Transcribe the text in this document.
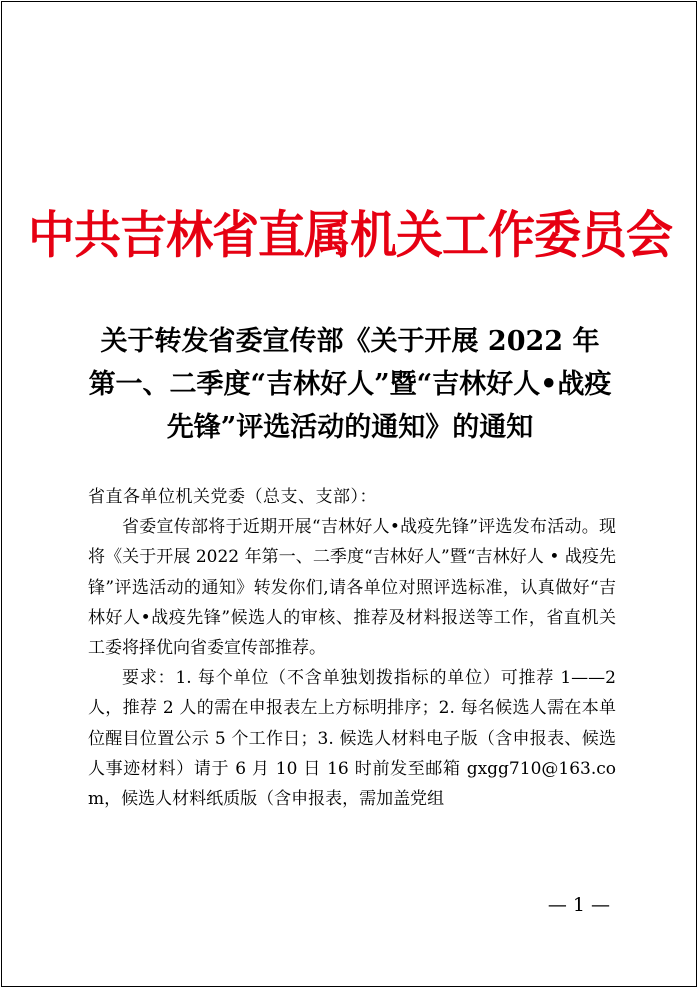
中共吉林省直属机关工作委员会
关于转发省委宣传部《关于开展 2022 年
第一、二季度“吉林好人”暨“吉林好人•战疫
先锋”评选活动的通知》的通知

省直各单位机关党委（总支、支部）：

省委宣传部将于近期开展“吉林好人•战疫先锋”评选发布活动。现将《关于开展 2022 年第一、二季度“吉林好人”暨“吉林好人 • 战疫先锋”评选活动的通知》转发你们,请各单位对照评选标准，认真做好“吉林好人•战疫先锋”候选人的审核、推荐及材料报送等工作，省直机关工委将择优向省委宣传部推荐。

要求：1. 每个单位（不含单独划拨指标的单位）可推荐 1——2 人，推荐 2 人的需在申报表左上方标明排序；2. 每名候选人需在本单位醒目位置公示 5 个工作日；3. 候选人材料电子版（含申报表、候选人事迹材料）请于 6 月 10 日 16 时前发至邮箱 gxgg710@163.com，候选人材料纸质版（含申报表，需加盖党组

— 1 —
